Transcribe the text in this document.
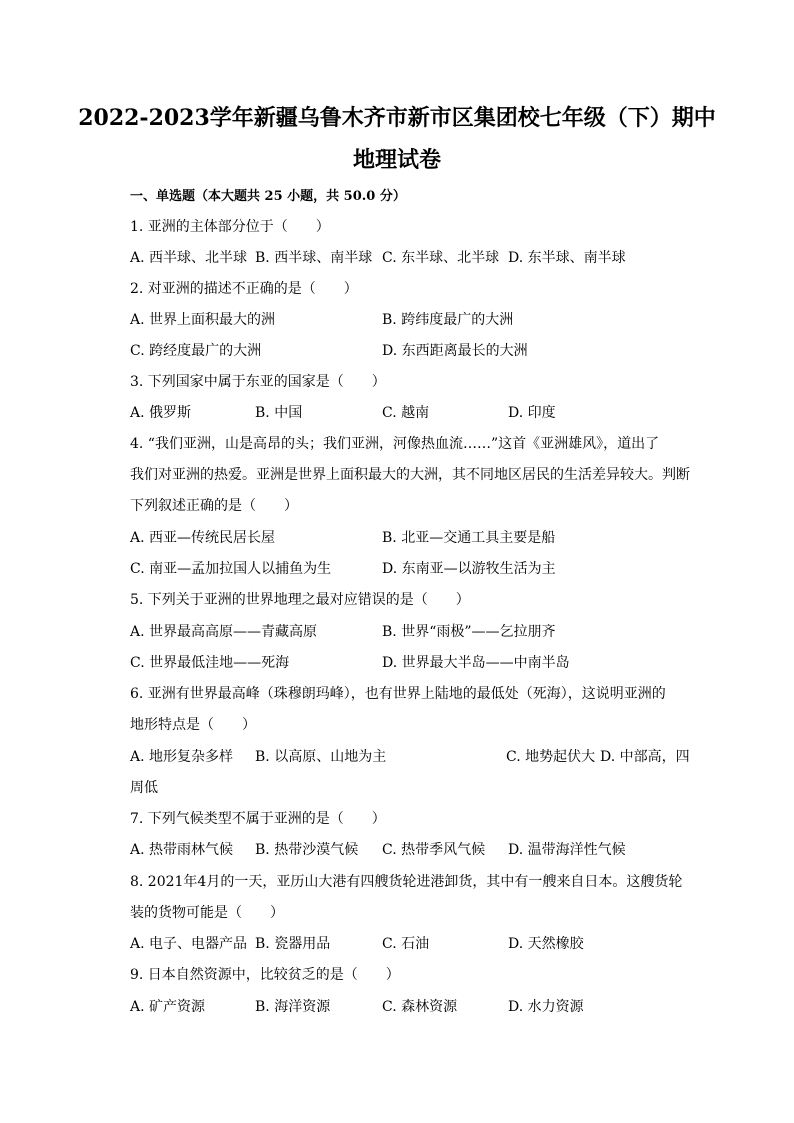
2022-2023学年新疆乌鲁木齐市新市区集团校七年级（下）期中
地理试卷
一、单选题（本大题共 25 小题，共 50.0 分）
1. 亚洲的主体部分位于（　　）
A. 西半球、北半球 B. 西半球、南半球 C. 东半球、北半球 D. 东半球、南半球
2. 对亚洲的描述不正确的是（　　）
A. 世界上面积最大的洲	B. 跨纬度最广的大洲
C. 跨经度最广的大洲	D. 东西距离最长的大洲
3. 下列国家中属于东亚的国家是（　　）
A. 俄罗斯	B. 中国	C. 越南	D. 印度
4. “我们亚洲，山是高昂的头；我们亚洲，河像热血流……”这首《亚洲雄风》，道出了
我们对亚洲的热爱。亚洲是世界上面积最大的大洲，其不同地区居民的生活差异较大。判断
下列叙述正确的是（　　）
A. 西亚—传统民居长屋	B. 北亚—交通工具主要是船
C. 南亚—孟加拉国人以捕鱼为生	D. 东南亚—以游牧生活为主
5. 下列关于亚洲的世界地理之最对应错误的是（　　）
A. 世界最高高原——青藏高原	B. 世界“雨极”——乞拉朋齐
C. 世界最低洼地——死海	D. 世界最大半岛——中南半岛
6. 亚洲有世界最高峰（珠穆朗玛峰），也有世界上陆地的最低处（死海），这说明亚洲的
地形特点是（　　）
A. 地形复杂多样 B. 以高原、山地为主	C. 地势起伏大 D. 中部高，四
周低
7. 下列气候类型不属于亚洲的是（　　）
A. 热带雨林气候 B. 热带沙漠气候 C. 热带季风气候 D. 温带海洋性气候
8. 2021年4月的一天，亚历山大港有四艘货轮进港卸货，其中有一艘来自日本。这艘货轮
装的货物可能是（　　）
A. 电子、电器产品 B. 瓷器用品	C. 石油	D. 天然橡胶
9. 日本自然资源中，比较贫乏的是（　　）
A. 矿产资源	B. 海洋资源	C. 森林资源	D. 水力资源
